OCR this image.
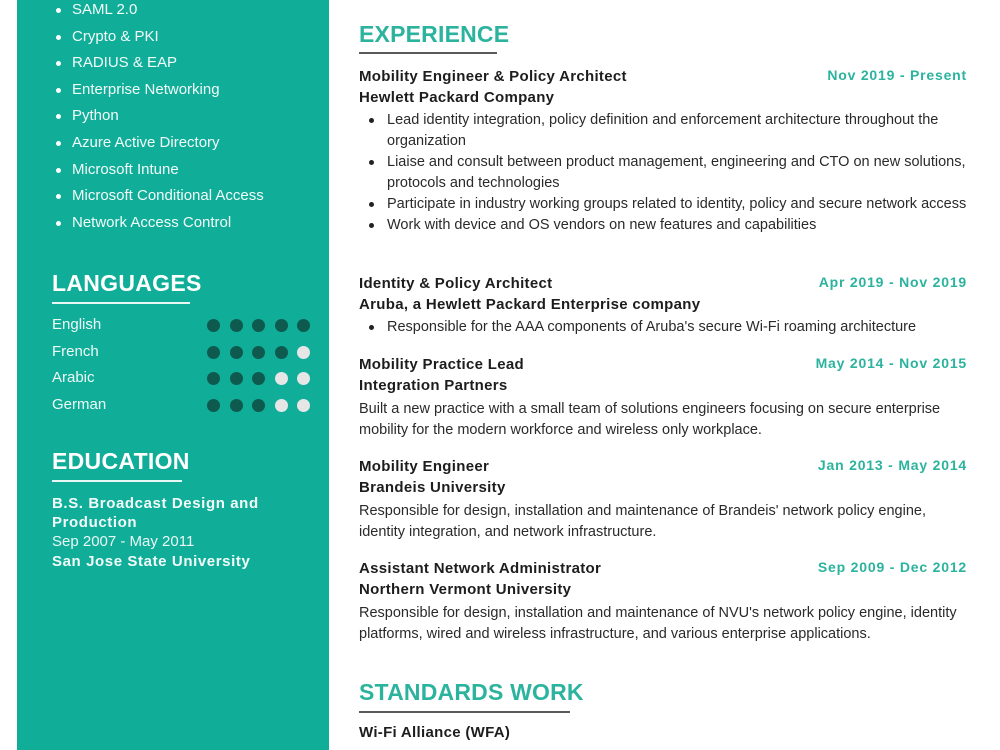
SAML 2.0
Crypto & PKI
RADIUS & EAP
Enterprise Networking
Python
Azure Active Directory
Microsoft Intune
Microsoft Conditional Access
Network Access Control
LANGUAGES
English
French
Arabic
German
EDUCATION
B.S. Broadcast Design and Production
Sep 2007 - May 2011
San Jose State University
EXPERIENCE
Mobility Engineer & Policy Architect
Hewlett Packard Company
Nov 2019 - Present
Lead identity integration, policy definition and enforcement architecture throughout the organization
Liaise and consult between product management, engineering and CTO on new solutions, protocols and technologies
Participate in industry working groups related to identity, policy and secure network access
Work with device and OS vendors on new features and capabilities
Identity & Policy Architect
Aruba, a Hewlett Packard Enterprise company
Apr 2019 - Nov 2019
Responsible for the AAA components of Aruba's secure Wi-Fi roaming architecture
Mobility Practice Lead
Integration Partners
May 2014 - Nov 2015
Built a new practice with a small team of solutions engineers focusing on secure enterprise mobility for the modern workforce and wireless only workplace.
Mobility Engineer
Brandeis University
Jan 2013 - May 2014
Responsible for design, installation and maintenance of Brandeis' network policy engine, identity integration, and network infrastructure.
Assistant Network Administrator
Northern Vermont University
Sep 2009 - Dec 2012
Responsible for design, installation and maintenance of NVU's network policy engine, identity platforms, wired and wireless infrastructure, and various enterprise applications.
STANDARDS WORK
Wi-Fi Alliance (WFA)
